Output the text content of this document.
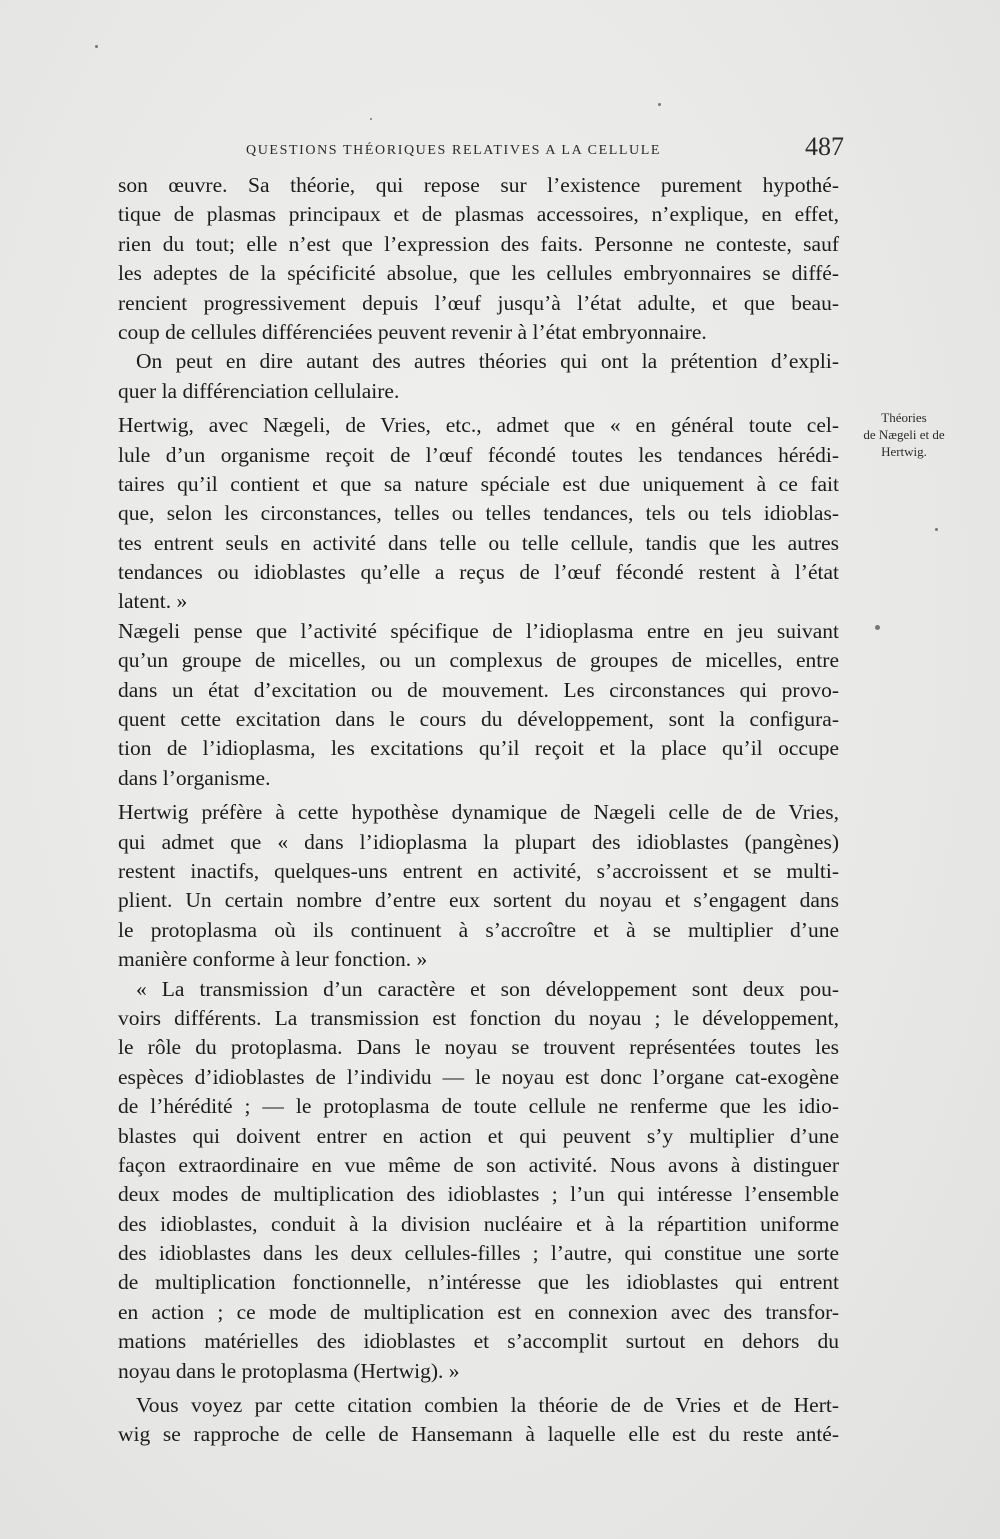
QUESTIONS THÉORIQUES RELATIVES A LA CELLULE	487
Théories
de Nægeli et de
Hertwig.
son œuvre. Sa théorie, qui repose sur l’existence purement hypothé-
tique de plasmas principaux et de plasmas accessoires, n’explique, en effet,
rien du tout; elle n’est que l’expression des faits. Personne ne conteste, sauf
les adeptes de la spécificité absolue, que les cellules embryonnaires se diffé-
rencient progressivement depuis l’œuf jusqu’à l’état adulte, et que beau-
coup de cellules différenciées peuvent revenir à l’état embryonnaire.
On peut en dire autant des autres théories qui ont la prétention d’expli-
quer la différenciation cellulaire.
Hertwig, avec Nægeli, de Vries, etc., admet que « en général toute cel-
lule d’un organisme reçoit de l’œuf fécondé toutes les tendances hérédi-
taires qu’il contient et que sa nature spéciale est due uniquement à ce fait
que, selon les circonstances, telles ou telles tendances, tels ou tels idioblas-
tes entrent seuls en activité dans telle ou telle cellule, tandis que les autres
tendances ou idioblastes qu’elle a reçus de l’œuf fécondé restent à l’état
latent. »
Nægeli pense que l’activité spécifique de l’idioplasma entre en jeu suivant
qu’un groupe de micelles, ou un complexus de groupes de micelles, entre
dans un état d’excitation ou de mouvement. Les circonstances qui provo-
quent cette excitation dans le cours du développement, sont la configura-
tion de l’idioplasma, les excitations qu’il reçoit et la place qu’il occupe
dans l’organisme.
Hertwig préfère à cette hypothèse dynamique de Nægeli celle de de Vries,
qui admet que « dans l’idioplasma la plupart des idioblastes (pangènes)
restent inactifs, quelques-uns entrent en activité, s’accroissent et se multi-
plient. Un certain nombre d’entre eux sortent du noyau et s’engagent dans
le protoplasma où ils continuent à s’accroître et à se multiplier d’une
manière conforme à leur fonction. »
« La transmission d’un caractère et son développement sont deux pou-
voirs différents. La transmission est fonction du noyau ; le développement,
le rôle du protoplasma. Dans le noyau se trouvent représentées toutes les
espèces d’idioblastes de l’individu — le noyau est donc l’organe cat-exogène
de l’hérédité ; — le protoplasma de toute cellule ne renferme que les idio-
blastes qui doivent entrer en action et qui peuvent s’y multiplier d’une
façon extraordinaire en vue même de son activité. Nous avons à distinguer
deux modes de multiplication des idioblastes ; l’un qui intéresse l’ensemble
des idioblastes, conduit à la division nucléaire et à la répartition uniforme
des idioblastes dans les deux cellules-filles ; l’autre, qui constitue une sorte
de multiplication fonctionnelle, n’intéresse que les idioblastes qui entrent
en action ; ce mode de multiplication est en connexion avec des transfor-
mations matérielles des idioblastes et s’accomplit surtout en dehors du
noyau dans le protoplasma (Hertwig). »
Vous voyez par cette citation combien la théorie de de Vries et de Hert-
wig se rapproche de celle de Hansemann à laquelle elle est du reste anté-
